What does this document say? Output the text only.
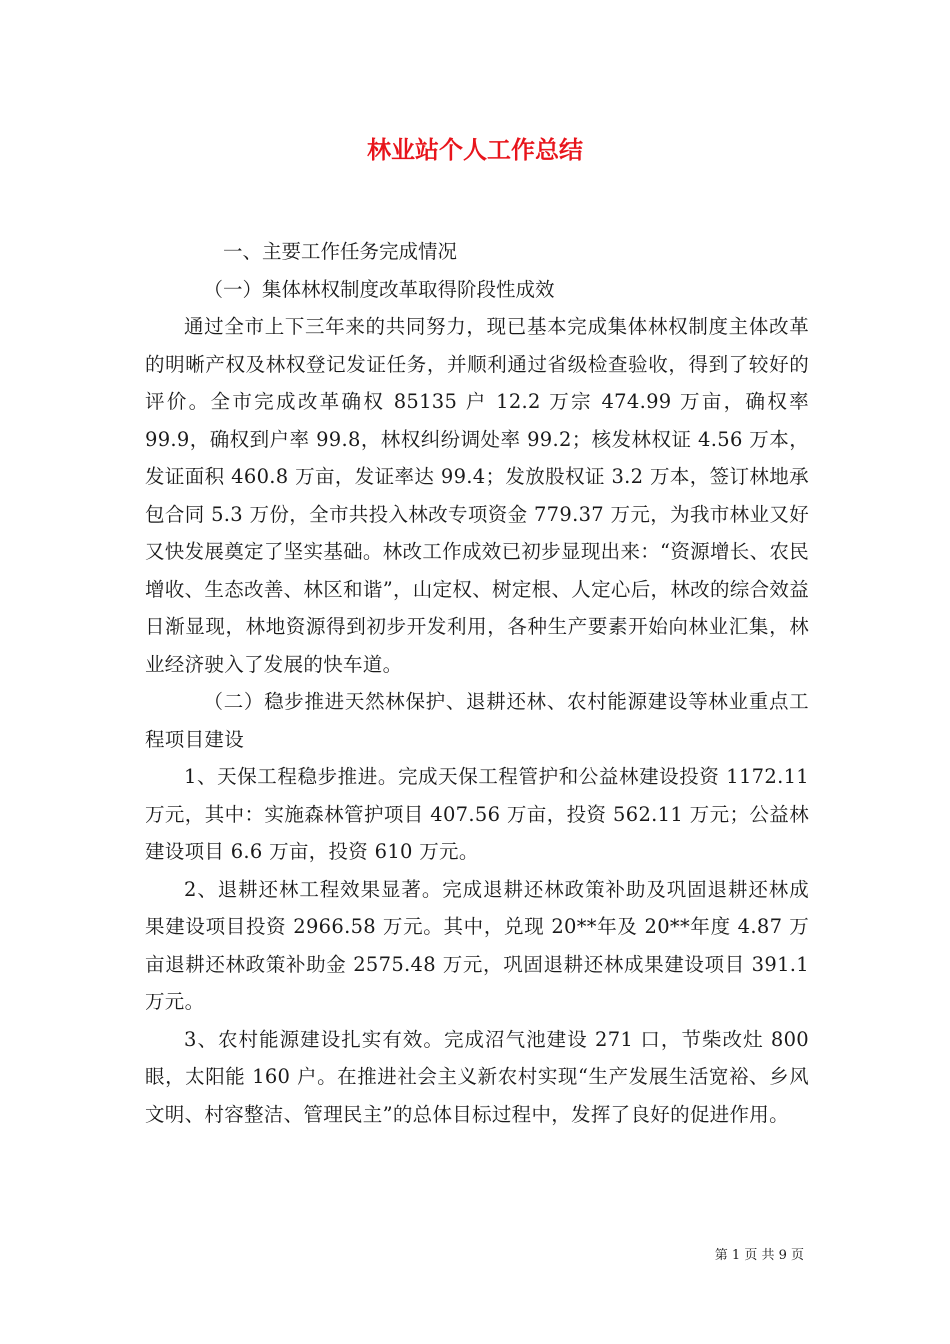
林业站个人工作总结

一、主要工作任务完成情况

（一）集体林权制度改革取得阶段性成效

通过全市上下三年来的共同努力，现已基本完成集体林权制度主体改革的明晰产权及林权登记发证任务，并顺利通过省级检查验收，得到了较好的评价。全市完成改革确权 85135 户 12.2 万宗 474.99 万亩，确权率 99.9，确权到户率 99.8，林权纠纷调处率 99.2；核发林权证 4.56 万本，发证面积 460.8 万亩，发证率达 99.4；发放股权证 3.2 万本，签订林地承包合同 5.3 万份，全市共投入林改专项资金 779.37 万元，为我市林业又好又快发展奠定了坚实基础。林改工作成效已初步显现出来：“资源增长、农民增收、生态改善、林区和谐”，山定权、树定根、人定心后，林改的综合效益日渐显现，林地资源得到初步开发利用，各种生产要素开始向林业汇集，林业经济驶入了发展的快车道。

（二）稳步推进天然林保护、退耕还林、农村能源建设等林业重点工程项目建设

1、天保工程稳步推进。完成天保工程管护和公益林建设投资 1172.11 万元，其中：实施森林管护项目 407.56 万亩，投资 562.11 万元；公益林建设项目 6.6 万亩，投资 610 万元。

2、退耕还林工程效果显著。完成退耕还林政策补助及巩固退耕还林成果建设项目投资 2966.58 万元。其中，兑现 20**年及 20**年度 4.87 万亩退耕还林政策补助金 2575.48 万元，巩固退耕还林成果建设项目 391.1 万元。

3、农村能源建设扎实有效。完成沼气池建设 271 口，节柴改灶 800 眼，太阳能 160 户。在推进社会主义新农村实现“生产发展生活宽裕、乡风文明、村容整洁、管理民主”的总体目标过程中，发挥了良好的促进作用。

第 1 页 共 9 页
